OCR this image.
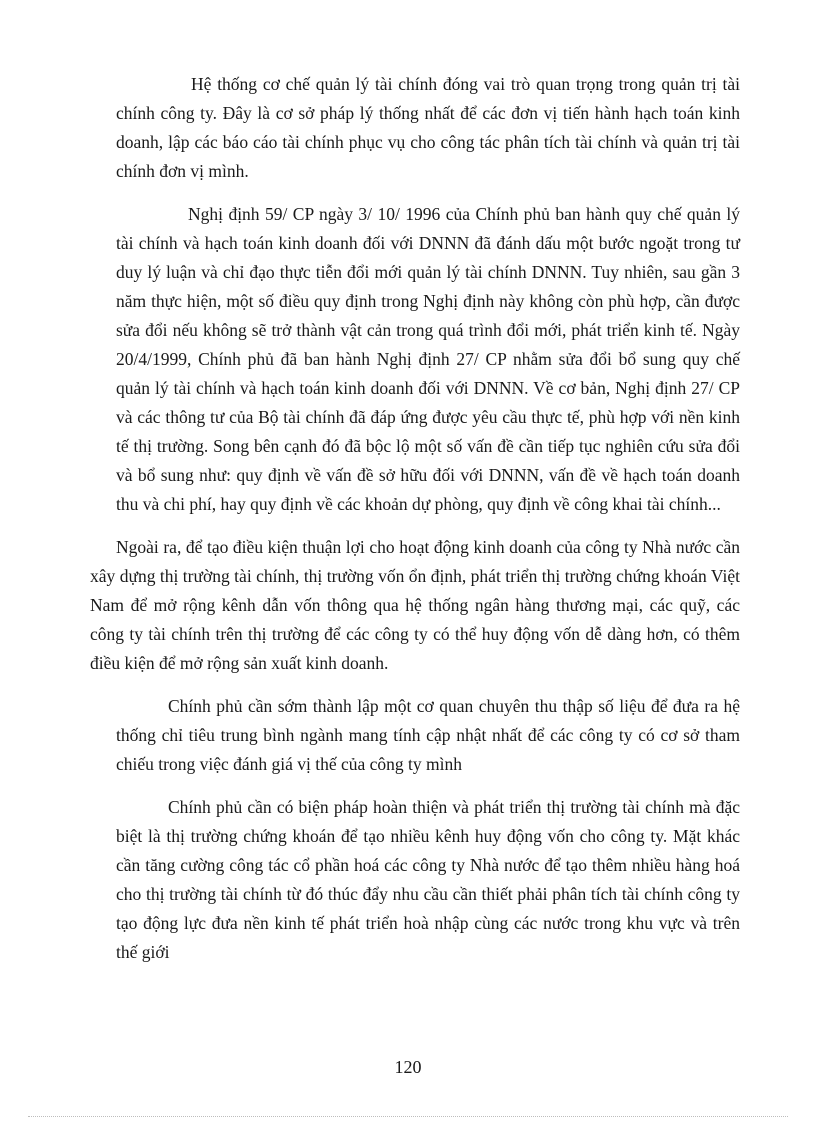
Hệ thống cơ chế quản lý tài chính đóng vai trò quan trọng trong quản trị tài chính công ty. Đây là cơ sở pháp lý thống nhất để các đơn vị tiến hành hạch toán kinh doanh, lập các báo cáo tài chính phục vụ cho công tác phân tích tài chính và quản trị tài chính đơn vị mình.

Nghị định 59/ CP ngày 3/ 10/ 1996 của Chính phủ ban hành quy chế quản lý tài chính và hạch toán kinh doanh đối với DNNN đã đánh dấu một bước ngoặt trong tư duy lý luận và chỉ đạo thực tiễn đổi mới quản lý tài chính DNNN. Tuy nhiên, sau gần 3 năm thực hiện, một số điều quy định trong Nghị định này không còn phù hợp, cần được sửa đổi nếu không sẽ trở thành vật cản trong quá trình đổi mới, phát triển kinh tế. Ngày 20/4/1999, Chính phủ đã ban hành Nghị định 27/ CP nhằm sửa đổi bổ sung quy chế quản lý tài chính và hạch toán kinh doanh đối với DNNN. Về cơ bản, Nghị định 27/ CP và các thông tư của Bộ tài chính đã đáp ứng được yêu cầu thực tế, phù hợp với nền kinh tế thị trường. Song bên cạnh đó đã bộc lộ một số vấn đề cần tiếp tục nghiên cứu sửa đổi và bổ sung như: quy định về vấn đề sở hữu đối với DNNN, vấn đề về hạch toán doanh thu và chi phí, hay quy định về các khoản dự phòng, quy định về công khai tài chính...

Ngoài ra, để tạo điều kiện thuận lợi cho hoạt động kinh doanh của công ty Nhà nước cần xây dựng thị trường tài chính, thị trường vốn ổn định, phát triển thị trường chứng khoán Việt Nam để mở rộng kênh dẫn vốn thông qua hệ thống ngân hàng thương mại, các quỹ, các công ty tài chính trên thị trường để các công ty có thể huy động vốn dễ dàng hơn, có thêm điều kiện để mở rộng sản xuất kinh doanh.

Chính phủ cần sớm thành lập một cơ quan chuyên thu thập số liệu để đưa ra hệ thống chỉ tiêu trung bình ngành mang tính cập nhật nhất để các công ty có cơ sở tham chiếu trong việc đánh giá vị thế của công ty mình

Chính phủ cần có biện pháp hoàn thiện và phát triển thị trường tài chính mà đặc biệt là thị trường chứng khoán để tạo nhiều kênh huy động vốn cho công ty. Mặt khác cần tăng cường công tác cổ phần hoá các công ty Nhà nước để tạo thêm nhiều hàng hoá cho thị trường tài chính từ đó thúc đẩy nhu cầu cần thiết phải phân tích tài chính công ty tạo động lực đưa nền kinh tế phát triển hoà nhập cùng các nước trong khu vực và trên thế giới

120
